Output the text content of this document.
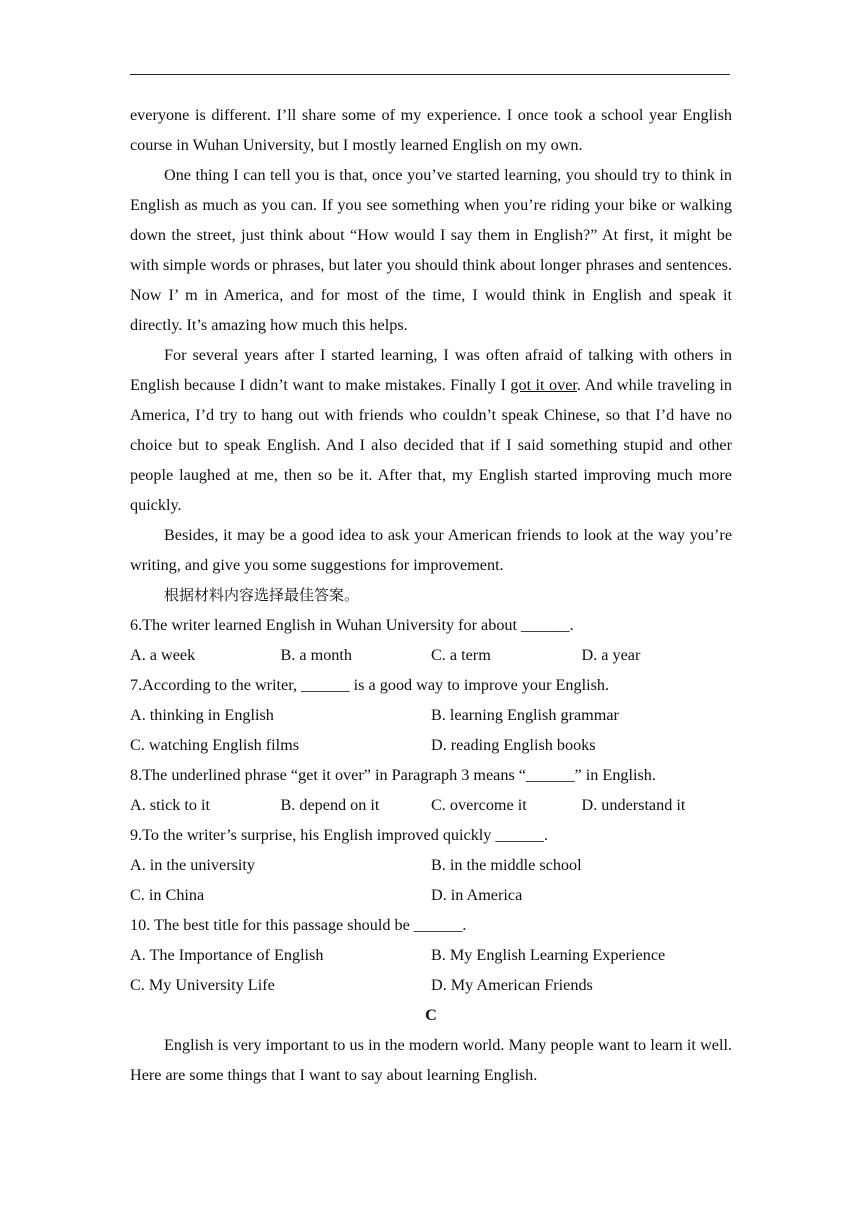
everyone is different. I’ll share some of my experience. I once took a school year English course in Wuhan University, but I mostly learned English on my own.

One thing I can tell you is that, once you’ve started learning, you should try to think in English as much as you can. If you see something when you’re riding your bike or walking down the street, just think about “How would I say them in English?” At first, it might be with simple words or phrases, but later you should think about longer phrases and sentences. Now I’ m in America, and for most of the time, I would think in English and speak it directly. It’s amazing how much this helps.

For several years after I started learning, I was often afraid of talking with others in English because I didn’t want to make mistakes. Finally I got it over. And while traveling in America, I’d try to hang out with friends who couldn’t speak Chinese, so that I’d have no choice but to speak English. And I also decided that if I said something stupid and other people laughed at me, then so be it. After that, my English started improving much more quickly.

Besides, it may be a good idea to ask your American friends to look at the way you’re writing, and give you some suggestions for improvement.

根据材料内容选择最佳答案。

6.The writer learned English in Wuhan University for about ______.

A. a week	B. a month	C. a term	D. a year

7.According to the writer, ______ is a good way to improve your English.

A. thinking in English	B. learning English grammar
C. watching English films	D. reading English books

8.The underlined phrase “get it over” in Paragraph 3 means “______” in English.

A. stick to it	B. depend on it	C. overcome it	D. understand it

9.To the writer’s surprise, his English improved quickly ______.

A. in the university	B. in the middle school
C. in China	D. in America

10. The best title for this passage should be ______.

A. The Importance of English	B. My English Learning Experience
C. My University Life	D. My American Friends

C

English is very important to us in the modern world. Many people want to learn it well. Here are some things that I want to say about learning English.
